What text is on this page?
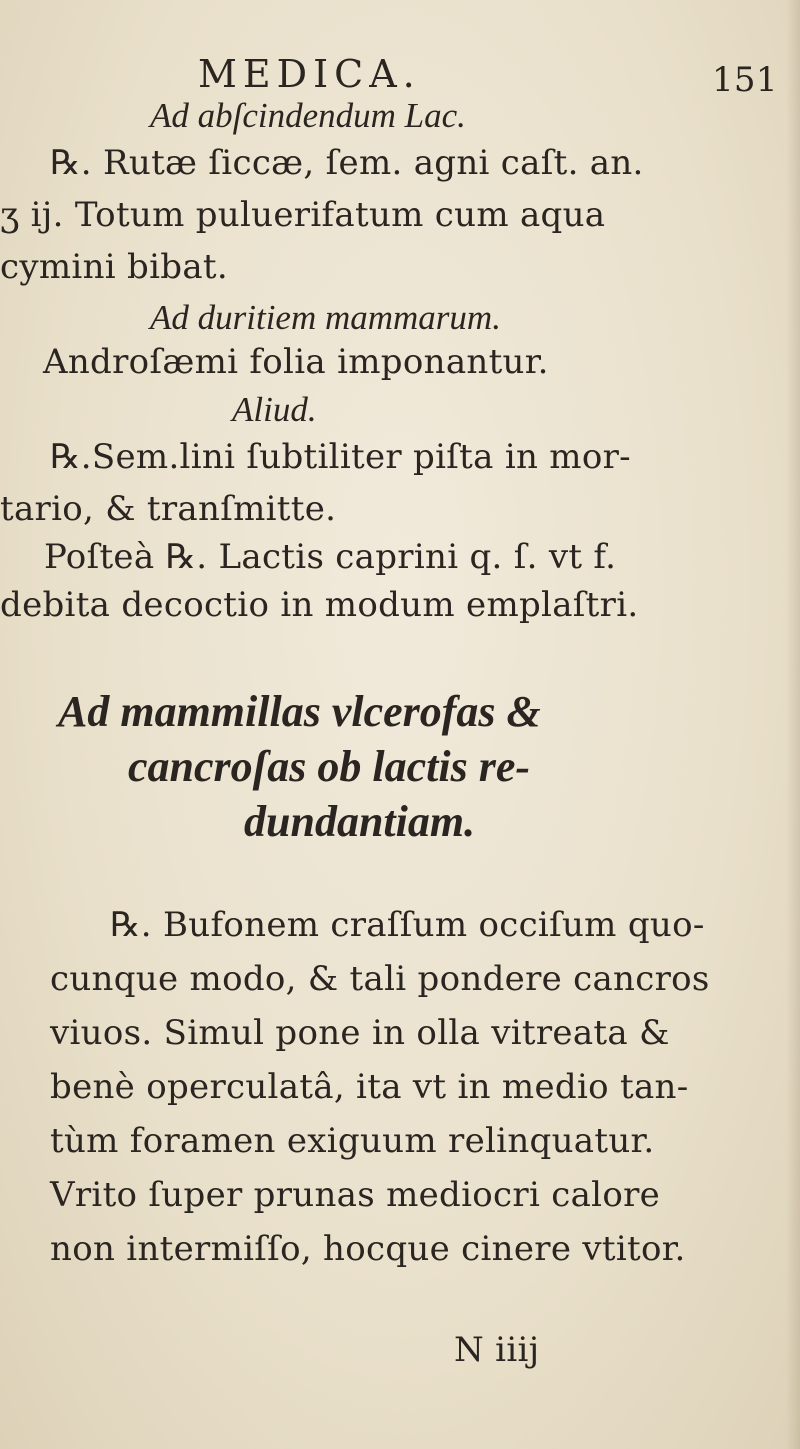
MEDICA.	151
Ad abſcindendum Lac.
℞. Rutæ ſiccæ, ſem. agni caſt. an.
ʒ ij. Totum puluerifatum cum aqua
cymini bibat.
Ad duritiem mammarum.
Androſæmi folia imponantur.
Aliud.
℞.Sem.lini ſubtiliter piſta in mor-
tario, & tranſmitte.
Poſteà ℞. Lactis caprini q. ſ. vt f.
debita decoctio in modum emplaſtri.
Ad mammillas vlcerofas &
cancroſas ob lactis re-
dundantiam.
℞. Bufonem craſſum occiſum quo-
cunque modo, & tali pondere cancros
viuos. Simul pone in olla vitreata &
benè operculatâ, ita vt in medio tan-
tùm foramen exiguum relinquatur.
Vrito ſuper prunas mediocri calore
non intermiſſo, hocque cinere vtitor.
N iiij
